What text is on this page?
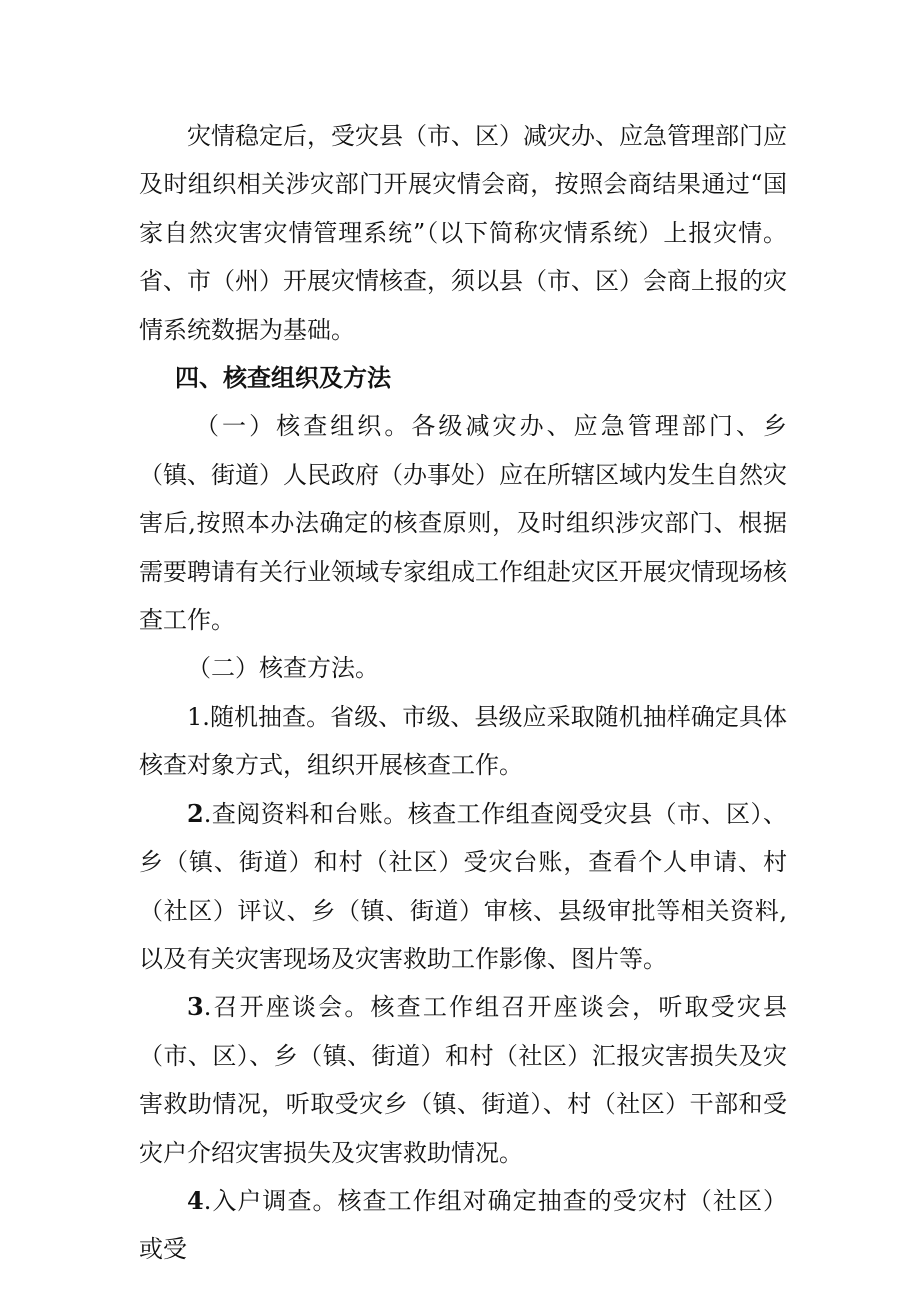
灾情稳定后，受灾县（市、区）减灾办、应急管理部门应及时组织相关涉灾部门开展灾情会商，按照会商结果通过“国家自然灾害灾情管理系统”（以下简称灾情系统）上报灾情。省、市（州）开展灾情核查，须以县（市、区）会商上报的灾情系统数据为基础。

四、核查组织及方法

（一）核查组织。各级减灾办、应急管理部门、乡（镇、街道）人民政府（办事处）应在所辖区域内发生自然灾害后,按照本办法确定的核查原则，及时组织涉灾部门、根据需要聘请有关行业领域专家组成工作组赴灾区开展灾情现场核查工作。

（二）核查方法。

1.随机抽查。省级、市级、县级应采取随机抽样确定具体核查对象方式，组织开展核查工作。

2.查阅资料和台账。核查工作组查阅受灾县（市、区）、乡（镇、街道）和村（社区）受灾台账，查看个人申请、村（社区）评议、乡（镇、街道）审核、县级审批等相关资料,以及有关灾害现场及灾害救助工作影像、图片等。

3.召开座谈会。核查工作组召开座谈会，听取受灾县（市、区）、乡（镇、街道）和村（社区）汇报灾害损失及灾害救助情况，听取受灾乡（镇、街道）、村（社区）干部和受灾户介绍灾害损失及灾害救助情况。

4.入户调查。核查工作组对确定抽查的受灾村（社区）或受
